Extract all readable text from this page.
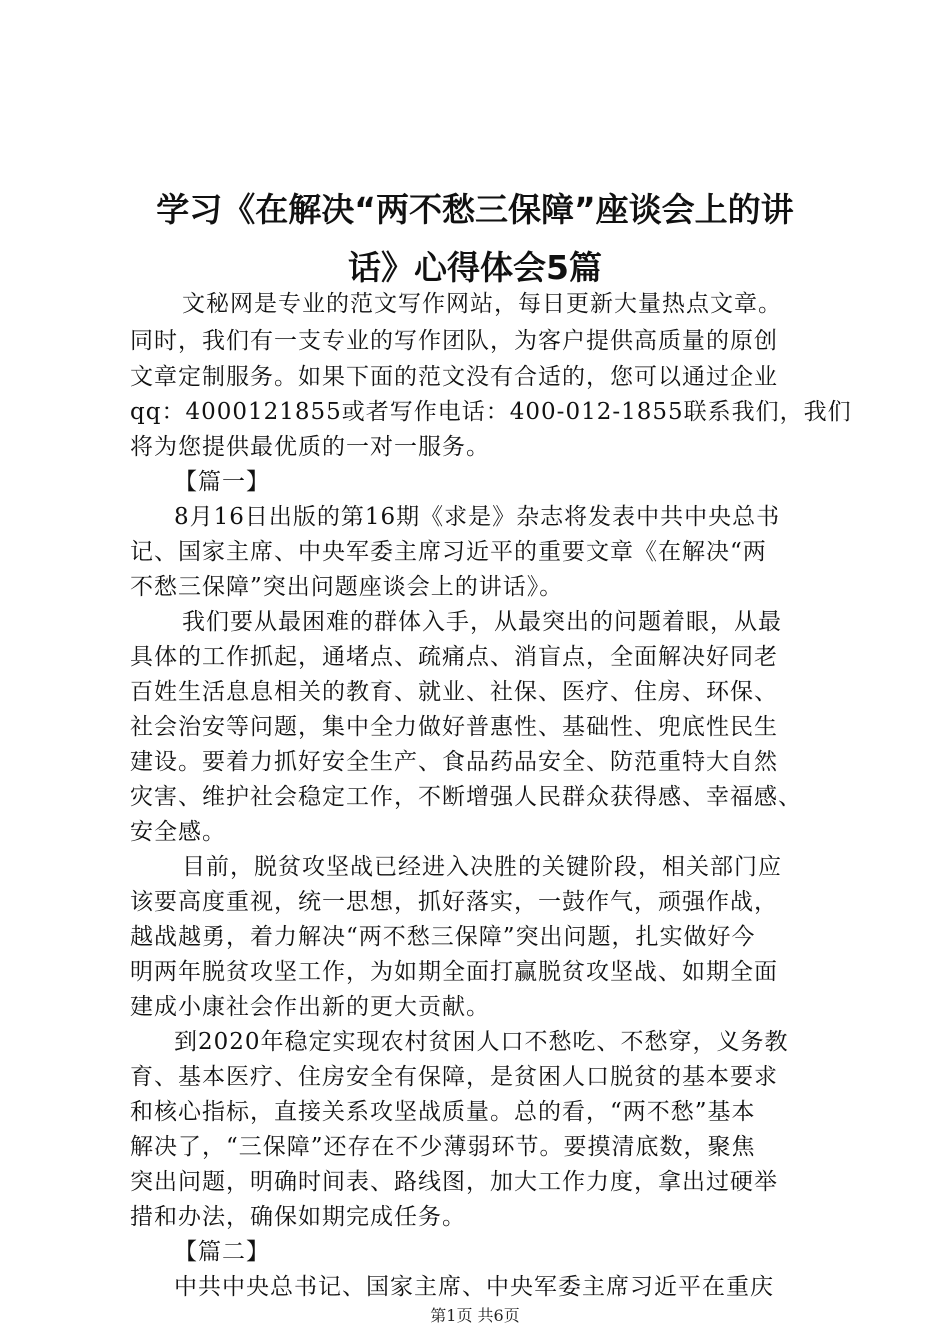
学习《在解决“两不愁三保障”座谈会上的讲
话》心得体会5篇
文秘网是专业的范文写作网站，每日更新大量热点文章。
同时，我们有一支专业的写作团队，为客户提供高质量的原创
文章定制服务。如果下面的范文没有合适的，您可以通过企业
qq：4000121855或者写作电话：400-012-1855联系我们，我们
将为您提供最优质的一对一服务。
【篇一】
8月16日出版的第16期《求是》杂志将发表中共中央总书
记、国家主席、中央军委主席习近平的重要文章《在解决“两
不愁三保障”突出问题座谈会上的讲话》。
我们要从最困难的群体入手，从最突出的问题着眼，从最
具体的工作抓起，通堵点、疏痛点、消盲点，全面解决好同老
百姓生活息息相关的教育、就业、社保、医疗、住房、环保、
社会治安等问题，集中全力做好普惠性、基础性、兜底性民生
建设。要着力抓好安全生产、食品药品安全、防范重特大自然
灾害、维护社会稳定工作，不断增强人民群众获得感、幸福感、
安全感。
目前，脱贫攻坚战已经进入决胜的关键阶段，相关部门应
该要高度重视，统一思想，抓好落实，一鼓作气，顽强作战，
越战越勇，着力解决“两不愁三保障”突出问题，扎实做好今
明两年脱贫攻坚工作，为如期全面打赢脱贫攻坚战、如期全面
建成小康社会作出新的更大贡献。
到2020年稳定实现农村贫困人口不愁吃、不愁穿，义务教
育、基本医疗、住房安全有保障，是贫困人口脱贫的基本要求
和核心指标，直接关系攻坚战质量。总的看，“两不愁”基本
解决了，“三保障”还存在不少薄弱环节。要摸清底数，聚焦
突出问题，明确时间表、路线图，加大工作力度，拿出过硬举
措和办法，确保如期完成任务。
【篇二】
中共中央总书记、国家主席、中央军委主席习近平在重庆
第1页 共6页
